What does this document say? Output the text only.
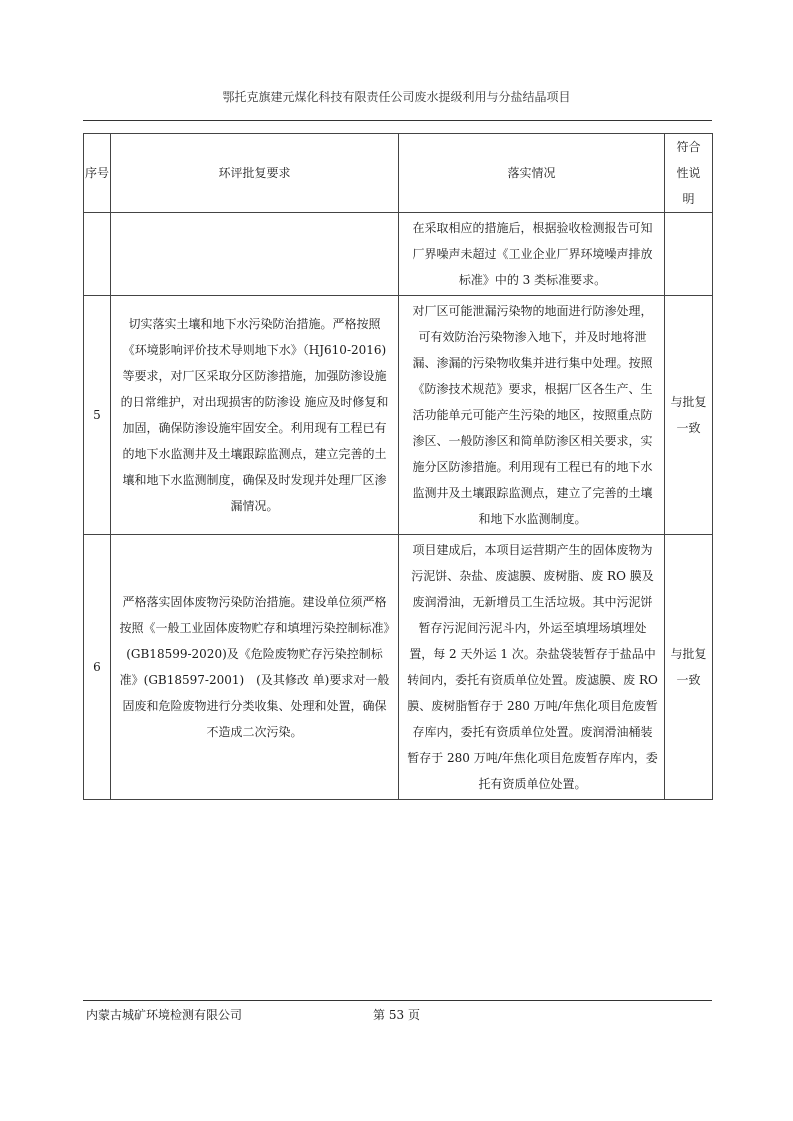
鄂托克旗建元煤化科技有限责任公司废水提级利用与分盐结晶项目
序号	环评批复要求	落实情况	符合性说明
		在采取相应的措施后，根据验收检测报告可知厂界噪声未超过《工业企业厂界环境噪声排放标准》中的 3 类标准要求。	
5	切实落实土壤和地下水污染防治措施。严格按照《环境影响评价技术导则地下水》（HJ610-2016)等要求，对厂区采取分区防渗措施，加强防渗设施的日常维护，对出现损害的防渗设 施应及时修复和加固，确保防渗设施牢固安全。利用现有工程已有的地下水监测井及土壤跟踪监测点，建立完善的土壤和地下水监测制度，确保及时发现并处理厂区渗漏情况。	对厂区可能泄漏污染物的地面进行防渗处理，可有效防治污染物渗入地下，并及时地将泄漏、渗漏的污染物收集并进行集中处理。按照《防渗技术规范》要求，根据厂区各生产、生活功能单元可能产生污染的地区，按照重点防渗区、一般防渗区和简单防渗区相关要求，实施分区防渗措施。利用现有工程已有的地下水监测井及土壤跟踪监测点，建立了完善的土壤和地下水监测制度。	与批复一致
6	严格落实固体废物污染防治措施。建设单位须严格按照《一般工业固体废物贮存和填埋污染控制标准》(GB18599-2020)及《危险废物贮存污染控制标准》(GB18597-2001)　(及其修改 单)要求对一般固废和危险废物进行分类收集、处理和处置，确保不造成二次污染。	项目建成后，本项目运营期产生的固体废物为污泥饼、杂盐、废滤膜、废树脂、废 RO 膜及废润滑油，无新增员工生活垃圾。其中污泥饼暂存污泥间污泥斗内，外运至填埋场填埋处置，每 2 天外运 1 次。杂盐袋装暂存于盐品中转间内，委托有资质单位处置。废滤膜、废 RO 膜、废树脂暂存于 280 万吨/年焦化项目危废暂存库内，委托有资质单位处置。废润滑油桶装暂存于 280 万吨/年焦化项目危废暂存库内，委托有资质单位处置。	与批复一致
内蒙古城矿环境检测有限公司	第 53 页
